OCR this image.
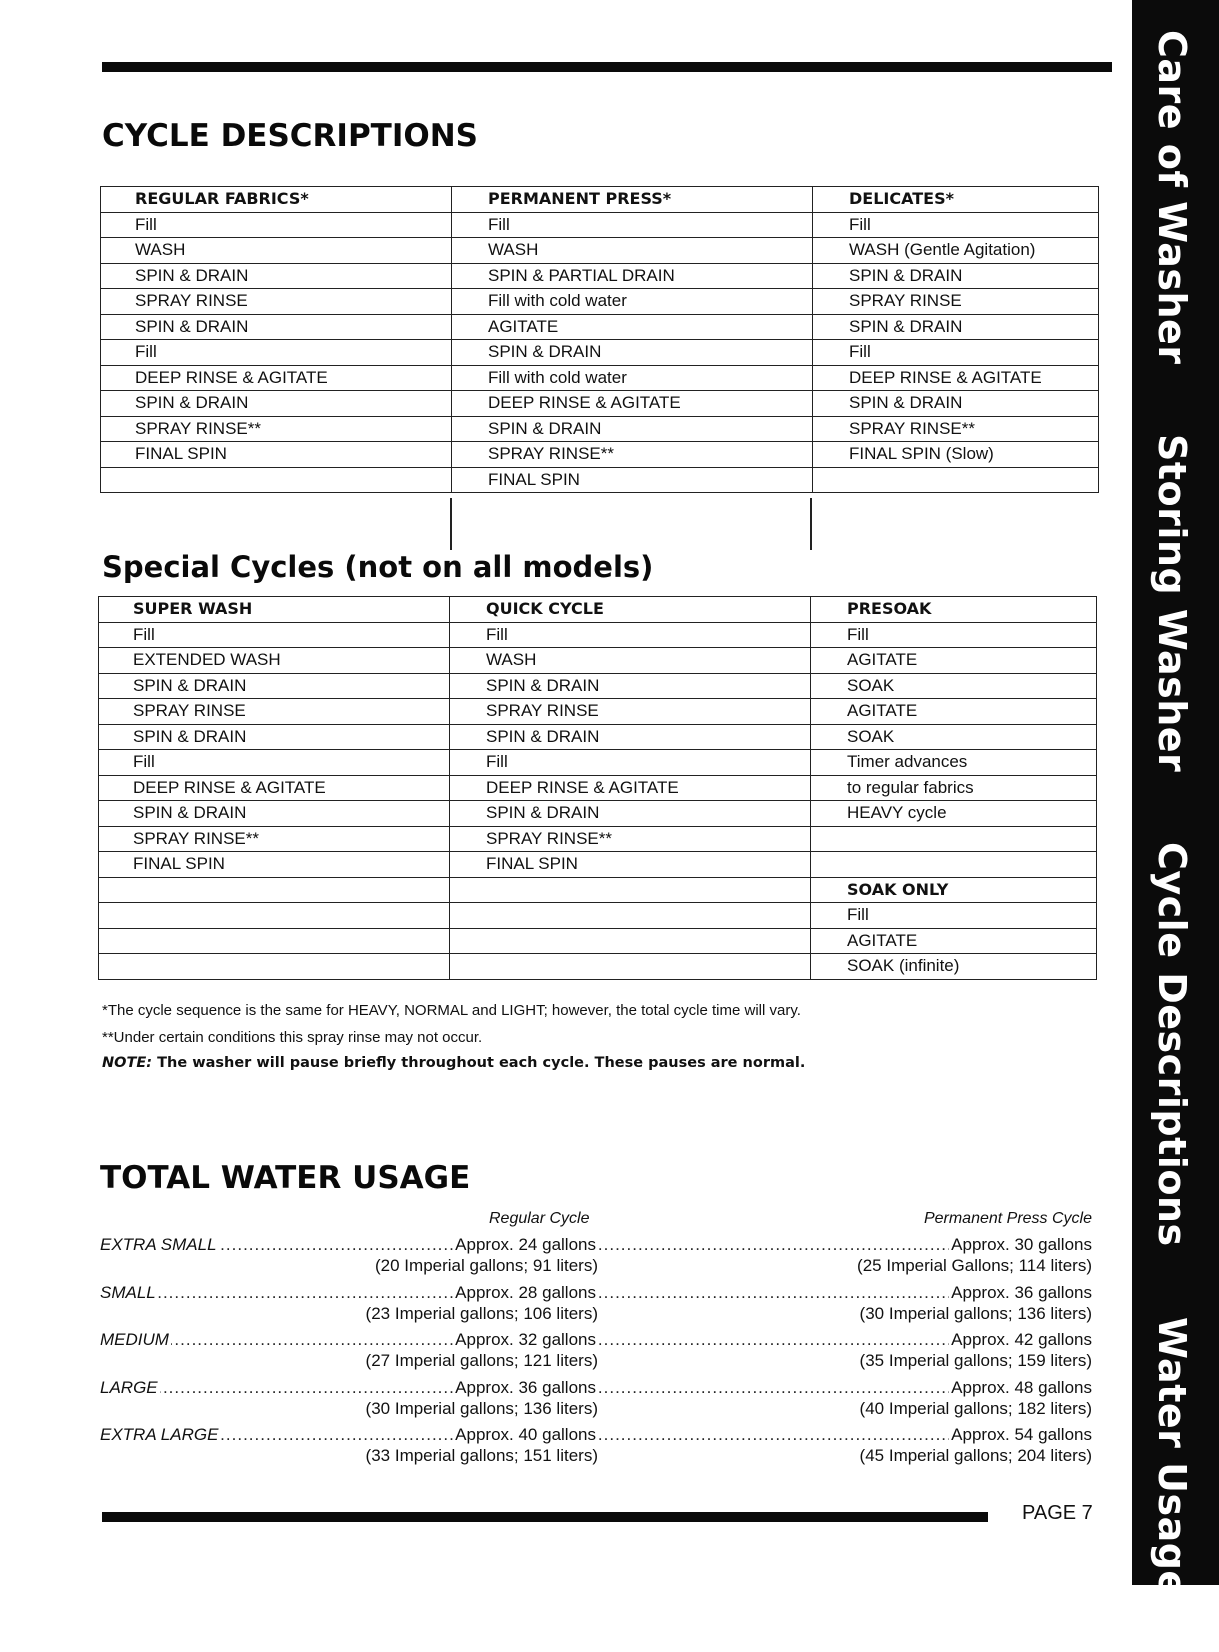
Care of Washer Storing Washer Cycle Descriptions Water Usage
CYCLE DESCRIPTIONS
REGULAR FABRICS*	PERMANENT PRESS*	DELICATES*
Fill	Fill	Fill
WASH	WASH	WASH (Gentle Agitation)
SPIN & DRAIN	SPIN & PARTIAL DRAIN	SPIN & DRAIN
SPRAY RINSE	Fill with cold water	SPRAY RINSE
SPIN & DRAIN	AGITATE	SPIN & DRAIN
Fill	SPIN & DRAIN	Fill
DEEP RINSE & AGITATE	Fill with cold water	DEEP RINSE & AGITATE
SPIN & DRAIN	DEEP RINSE & AGITATE	SPIN & DRAIN
SPRAY RINSE**	SPIN & DRAIN	SPRAY RINSE**
FINAL SPIN	SPRAY RINSE**	FINAL SPIN (Slow)
	FINAL SPIN	
Special Cycles (not on all models)
SUPER WASH	QUICK CYCLE	PRESOAK
Fill	Fill	Fill
EXTENDED WASH	WASH	AGITATE
SPIN & DRAIN	SPIN & DRAIN	SOAK
SPRAY RINSE	SPRAY RINSE	AGITATE
SPIN & DRAIN	SPIN & DRAIN	SOAK
Fill	Fill	Timer advances
DEEP RINSE & AGITATE	DEEP RINSE & AGITATE	to regular fabrics
SPIN & DRAIN	SPIN & DRAIN	HEAVY cycle
SPRAY RINSE**	SPRAY RINSE**	
FINAL SPIN	FINAL SPIN	
		SOAK ONLY
		Fill
		AGITATE
		SOAK (infinite)
*The cycle sequence is the same for HEAVY, NORMAL and LIGHT; however, the total cycle time will vary.
**Under certain conditions this spray rinse may not occur.
NOTE: The washer will pause briefly throughout each cycle. These pauses are normal.
TOTAL WATER USAGE
Regular Cycle	Permanent Press Cycle
EXTRA SMALL	Approx. 24 gallons	Approx. 30 gallons
(20 Imperial gallons; 91 liters)	(25 Imperial Gallons; 114 liters)
SMALL	Approx. 28 gallons	Approx. 36 gallons
(23 Imperial gallons; 106 liters)	(30 Imperial gallons; 136 liters)
MEDIUM	Approx. 32 gallons	Approx. 42 gallons
(27 Imperial gallons; 121 liters)	(35 Imperial gallons; 159 liters)
LARGE	Approx. 36 gallons	Approx. 48 gallons
(30 Imperial gallons; 136 liters)	(40 Imperial gallons; 182 liters)
EXTRA LARGE	Approx. 40 gallons	Approx. 54 gallons
(33 Imperial gallons; 151 liters)	(45 Imperial gallons; 204 liters)
PAGE 7
